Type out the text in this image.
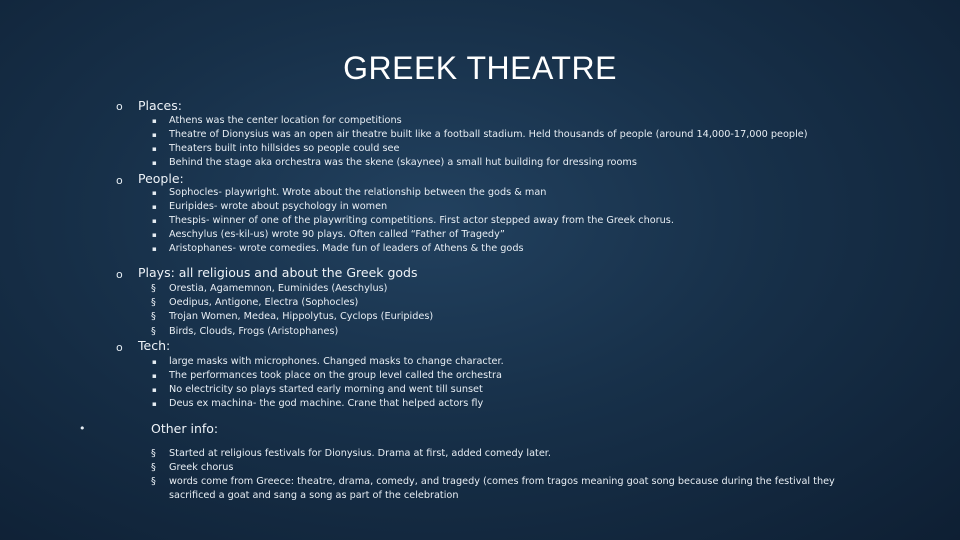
GREEK THEATRE
o Places:
▪ Athens was the center location for competitions
▪ Theatre of Dionysius was an open air theatre built like a football stadium. Held thousands of people (around 14,000-17,000 people)
▪ Theaters built into hillsides so people could see
▪ Behind the stage aka orchestra was the skene (skaynee) a small hut building for dressing rooms
o People:
▪ Sophocles- playwright. Wrote about the relationship between the gods & man
▪ Euripides- wrote about psychology in women
▪ Thespis- winner of one of the playwriting competitions. First actor stepped away from the Greek chorus.
▪ Aeschylus (es-kil-us) wrote 90 plays. Often called “Father of Tragedy”
▪ Aristophanes- wrote comedies. Made fun of leaders of Athens & the gods
o Plays: all religious and about the Greek gods
§ Orestia, Agamemnon, Euminides (Aeschylus)
§ Oedipus, Antigone, Electra (Sophocles)
§ Trojan Women, Medea, Hippolytus, Cyclops (Euripides)
§ Birds, Clouds, Frogs (Aristophanes)
o Tech:
▪ large masks with microphones. Changed masks to change character.
▪ The performances took place on the group level called the orchestra
▪ No electricity so plays started early morning and went till sunset
▪ Deus ex machina- the god machine. Crane that helped actors fly
•	Other info:
§ Started at religious festivals for Dionysius. Drama at first, added comedy later.
§ Greek chorus
§ words come from Greece: theatre, drama, comedy, and tragedy (comes from tragos meaning goat song because during the festival they
sacrificed a goat and sang a song as part of the celebration
